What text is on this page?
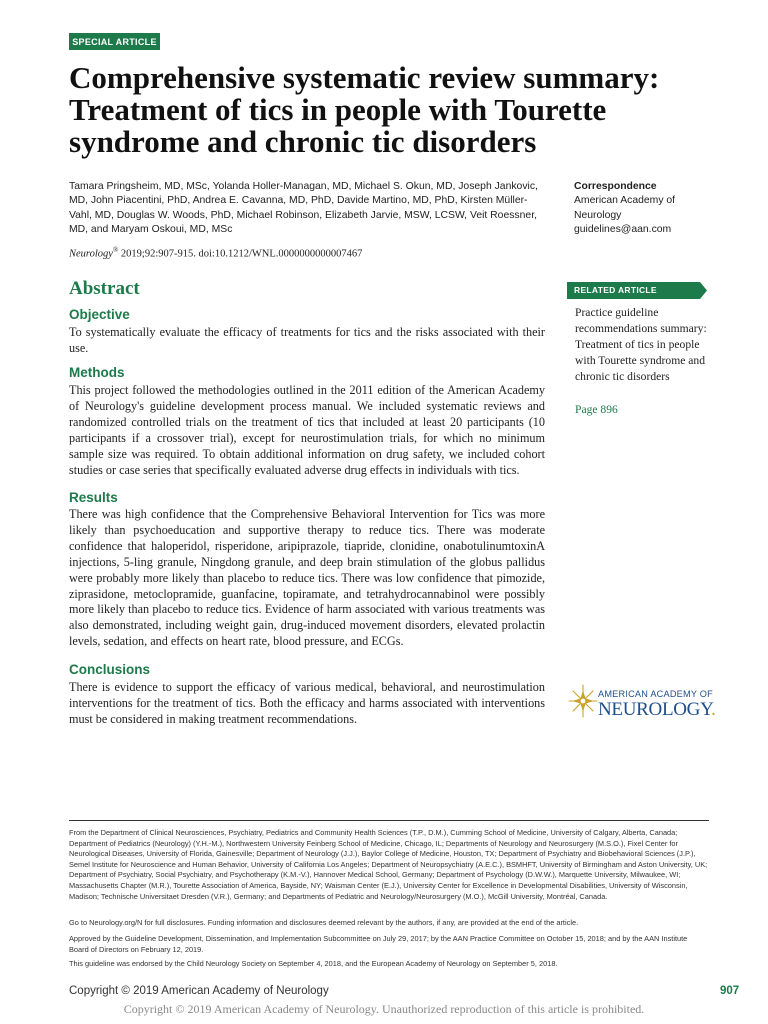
SPECIAL ARTICLE
Comprehensive systematic review summary: Treatment of tics in people with Tourette syndrome and chronic tic disorders
Tamara Pringsheim, MD, MSc, Yolanda Holler-Managan, MD, Michael S. Okun, MD, Joseph Jankovic, MD, John Piacentini, PhD, Andrea E. Cavanna, MD, PhD, Davide Martino, MD, PhD, Kirsten Müller-Vahl, MD, Douglas W. Woods, PhD, Michael Robinson, Elizabeth Jarvie, MSW, LCSW, Veit Roessner, MD, and Maryam Oskoui, MD, MSc
Neurology® 2019;92:907-915. doi:10.1212/WNL.0000000000007467
Correspondence
American Academy of
Neurology
guidelines@aan.com
Abstract
Objective

To systematically evaluate the efficacy of treatments for tics and the risks associated with their use.

Methods

This project followed the methodologies outlined in the 2011 edition of the American Academy of Neurology's guideline development process manual. We included systematic reviews and randomized controlled trials on the treatment of tics that included at least 20 participants (10 participants if a crossover trial), except for neurostimulation trials, for which no minimum sample size was required. To obtain additional information on drug safety, we included cohort studies or case series that specifically evaluated adverse drug effects in individuals with tics.

Results

There was high confidence that the Comprehensive Behavioral Intervention for Tics was more likely than psychoeducation and supportive therapy to reduce tics. There was moderate confidence that haloperidol, risperidone, aripiprazole, tiapride, clonidine, onabotulinumtoxinA injections, 5-ling granule, Ningdong granule, and deep brain stimulation of the globus pallidus were probably more likely than placebo to reduce tics. There was low confidence that pimozide, ziprasidone, metoclopramide, guanfacine, topiramate, and tetrahydrocannabinol were possibly more likely than placebo to reduce tics. Evidence of harm associated with various treatments was also demonstrated, including weight gain, drug-induced movement disorders, elevated prolactin levels, sedation, and effects on heart rate, blood pressure, and ECGs.

Conclusions

There is evidence to support the efficacy of various medical, behavioral, and neurostimulation interventions for the treatment of tics. Both the efficacy and harms associated with interventions must be considered in making treatment recommendations.

RELATED ARTICLE
Practice guideline recommendations summary: Treatment of tics in people with Tourette syndrome and chronic tic disorders
Page 896
AMERICAN ACADEMY OF
NEUROLOGY.

From the Department of Clinical Neurosciences, Psychiatry, Pediatrics and Community Health Sciences (T.P., D.M.), Cumming School of Medicine, University of Calgary, Alberta, Canada; Department of Pediatrics (Neurology) (Y.H.-M.), Northwestern University Feinberg School of Medicine, Chicago, IL; Departments of Neurology and Neurosurgery (M.S.O.), Fixel Center for Neurological Diseases, University of Florida, Gainesville; Department of Neurology (J.J.), Baylor College of Medicine, Houston, TX; Department of Psychiatry and Biobehavioral Sciences (J.P.), Semel Institute for Neuroscience and Human Behavior, University of California Los Angeles; Department of Neuropsychiatry (A.E.C.), BSMHFT, University of Birmingham and Aston University, UK; Department of Psychiatry, Social Psychiatry, and Psychotherapy (K.M.-V.), Hannover Medical School, Germany; Department of Psychology (D.W.W.), Marquette University, Milwaukee, WI; Massachusetts Chapter (M.R.), Tourette Association of America, Bayside, NY; Waisman Center (E.J.), University Center for Excellence in Developmental Disabilities, University of Wisconsin, Madison; Technische Universitaet Dresden (V.R.), Germany; and Departments of Pediatric and Neurology/Neurosurgery (M.O.), McGill University, Montréal, Canada.

Go to Neurology.org/N for full disclosures. Funding information and disclosures deemed relevant by the authors, if any, are provided at the end of the article.

Approved by the Guideline Development, Dissemination, and Implementation Subcommittee on July 29, 2017; by the AAN Practice Committee on October 15, 2018; and by the AAN Institute Board of Directors on February 12, 2019.

This guideline was endorsed by the Child Neurology Society on September 4, 2018, and the European Academy of Neurology on September 5, 2018.

Copyright © 2019 American Academy of Neurology	907
Copyright © 2019 American Academy of Neurology. Unauthorized reproduction of this article is prohibited.
